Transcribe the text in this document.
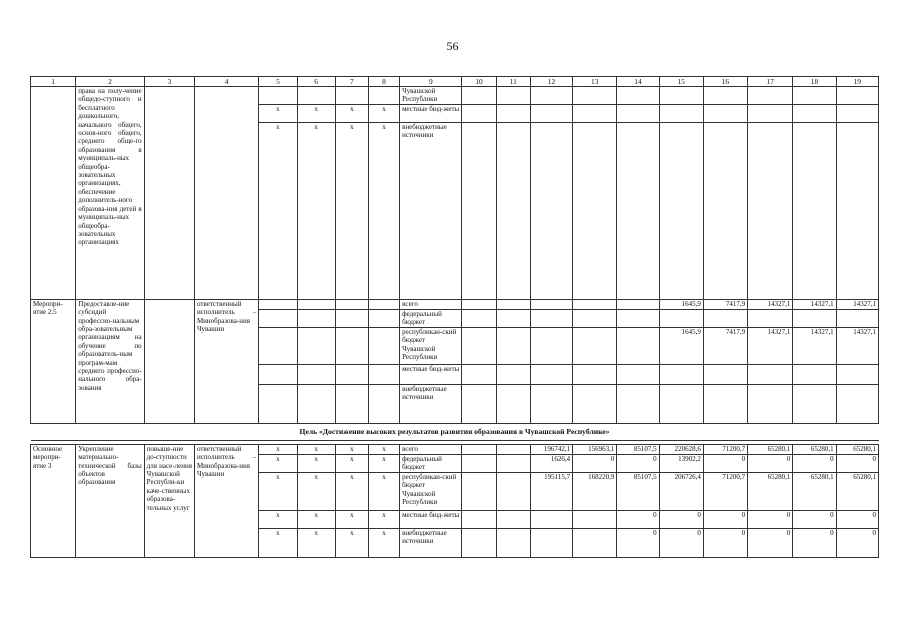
56
1	2	3	4	5	6	7	8	9	10	11	12	13	14	15	16	17	18	19
	права на полу-чение общедо-ступного и бесплатного дошкольного, начального общего, основ-ного общего, среднего обще-го образования в муниципаль-ных общеобра-зовательных организациях, обеспечение дополнитель-ного образова-ния детей в муниципаль-ных общеобра-зовательных организациях							Чувашской Республики										
				x	x	x	x	местные бюд-жеты										
				x	x	x	x	внебюджетные источники										
Меропри-ятие 2.5	Предоставле-ние субсидий профессио-нальным обра-зовательным организациям на обучение по образователь-ным програм-мам среднего профессио-нального обра-зования		ответственный исполнитель – Минобразова-ния Чувашии					всего						1645,9	7417,9	14327,1	14327,1	14327,1
								федеральный бюджет										
								республикан-ский бюджет Чувашской Республики						1645,9	7417,9	14327,1	14327,1	14327,1
								местные бюд-жеты										
								внебюджетные источники										
Цель «Достижение высоких результатов развития образования в Чувашской Республике»																		

Основное меропри-ятие 3	Укрепление материально-технической базы объектов образования	повыше-ние до-ступности для насе-ления Чувашской Республи-ки каче-ственных образова-тельных услуг	ответственный исполнитель – Минобразова-ния Чувашии	x	x	x	x	всего			196742,1	156963,1	85107,5	220628,6	71200,7	65280,1	65280,1	65280,1
				x	x	x	x	федеральный бюджет			1626,4	0	0	13902,2	0	0	0	0
				x	x	x	x	республикан-ский бюджет Чувашской Республики			195115,7	168220,9	85107,5	206726,4	71200,7	65280,1	65280,1	65280,1
				x	x	x	x	местные бюд-жеты					0	0	0	0	0	0
				x	x	x	x	внебюджетные источники					0	0	0	0	0	0
